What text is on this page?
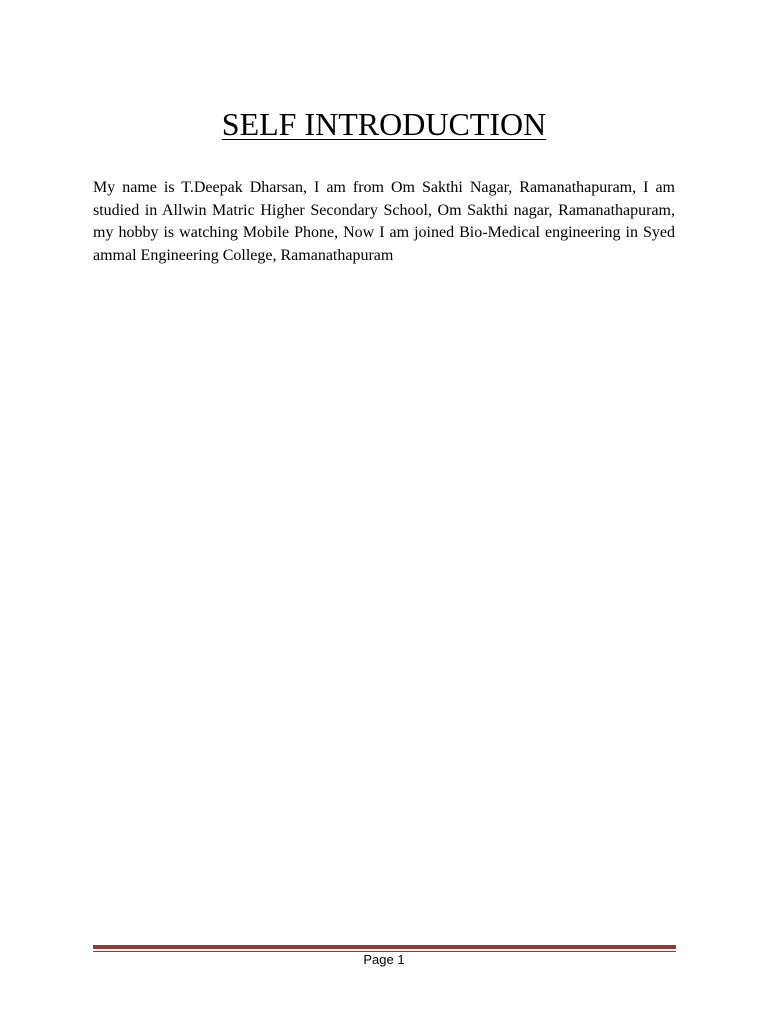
SELF INTRODUCTION

My name is T.Deepak Dharsan, I am from Om Sakthi Nagar, Ramanathapuram, I am studied in Allwin Matric Higher Secondary School, Om Sakthi nagar, Ramanathapuram, my hobby is watching Mobile Phone, Now I am joined Bio-Medical engineering in Syed ammal Engineering College, Ramanathapuram

Page 1
